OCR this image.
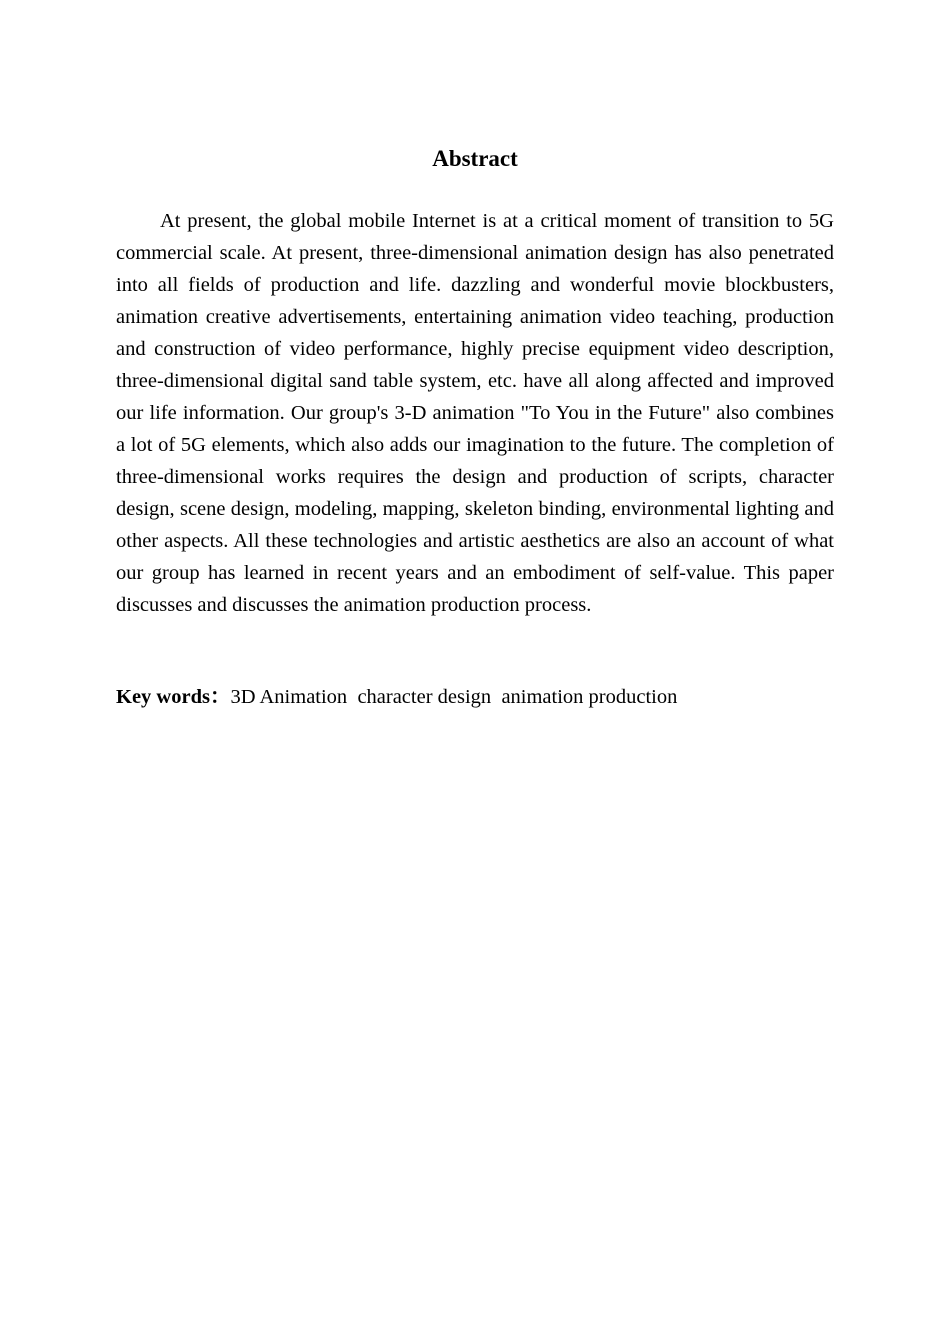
Abstract

At present, the global mobile Internet is at a critical moment of transition to 5G commercial scale. At present, three-dimensional animation design has also penetrated into all fields of production and life. dazzling and wonderful movie blockbusters, animation creative advertisements, entertaining animation video teaching, production and construction of video performance, highly precise equipment video description, three-dimensional digital sand table system, etc. have all along affected and improved our life information. Our group's 3-D animation "To You in the Future" also combines a lot of 5G elements, which also adds our imagination to the future. The completion of three-dimensional works requires the design and production of scripts, character design, scene design, modeling, mapping, skeleton binding, environmental lighting and other aspects. All these technologies and artistic aesthetics are also an account of what our group has learned in recent years and an embodiment of self-value. This paper discusses and discusses the animation production process.

Key words：3D Animation character design animation production
